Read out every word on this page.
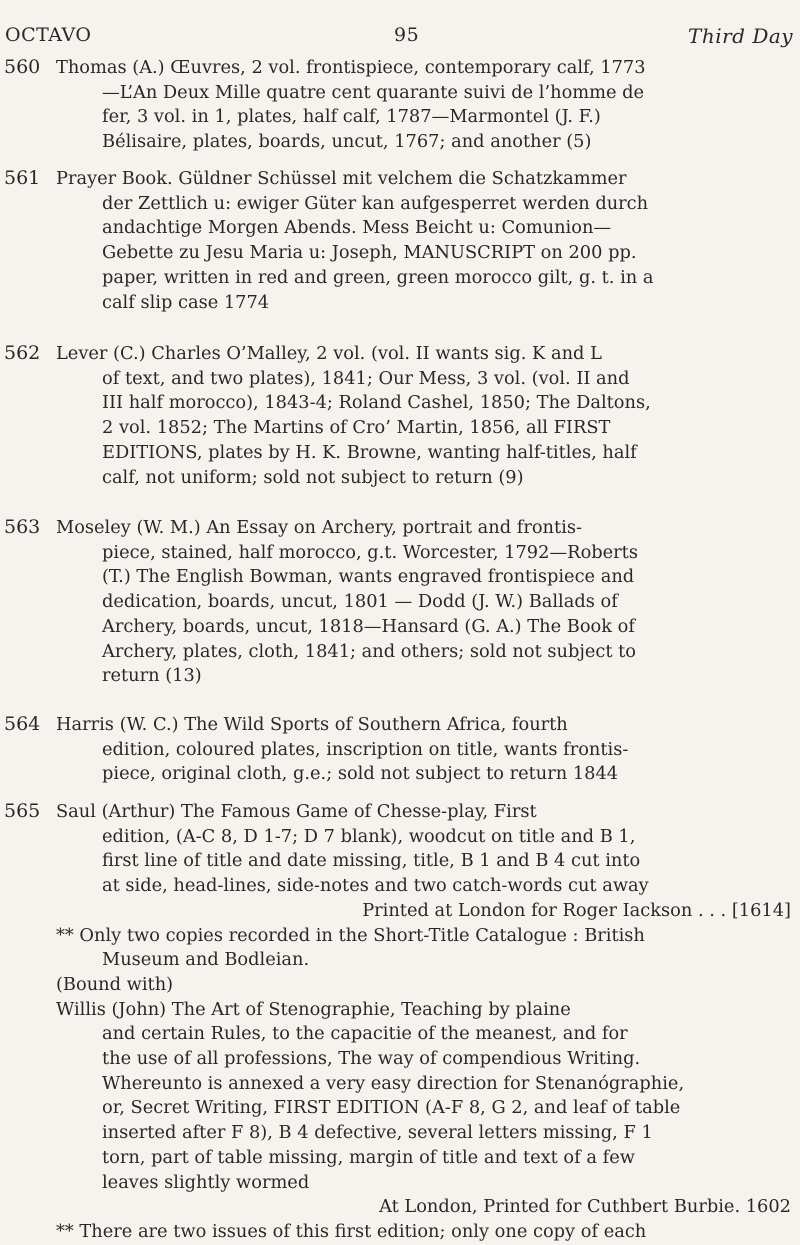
OCTAVO	95	Third Day
560 Thomas (A.) Œuvres, 2 vol. frontispiece, contemporary calf, 1773

—L’An Deux Mille quatre cent quarante suivi de l’homme de

fer, 3 vol. in 1, plates, half calf, 1787—Marmontel (J. F.)

Bélisaire, plates, boards, uncut, 1767; and another (5)

561 Prayer Book. Güldner Schüssel mit velchem die Schatzkammer

der Zettlich u: ewiger Güter kan aufgesperret werden durch

andachtige Morgen Abends. Mess Beicht u: Comunion—

Gebette zu Jesu Maria u: Joseph, MANUSCRIPT on 200 pp.

paper, written in red and green, green morocco gilt, g. t. in a

calf slip case 1774

562 Lever (C.) Charles O’Malley, 2 vol. (vol. II wants sig. K and L

of text, and two plates), 1841; Our Mess, 3 vol. (vol. II and

III half morocco), 1843-4; Roland Cashel, 1850; The Daltons,

2 vol. 1852; The Martins of Cro’ Martin, 1856, all FIRST

EDITIONS, plates by H. K. Browne, wanting half-titles, half

calf, not uniform; sold not subject to return (9)

563 Moseley (W. M.) An Essay on Archery, portrait and frontis-

piece, stained, half morocco, g.t. Worcester, 1792—Roberts

(T.) The English Bowman, wants engraved frontispiece and

dedication, boards, uncut, 1801 — Dodd (J. W.) Ballads of

Archery, boards, uncut, 1818—Hansard (G. A.) The Book of

Archery, plates, cloth, 1841; and others; sold not subject to

return (13)

564 Harris (W. C.) The Wild Sports of Southern Africa, fourth

edition, coloured plates, inscription on title, wants frontis-

piece, original cloth, g.e.; sold not subject to return 1844

565 Saul (Arthur) The Famous Game of Chesse-play, First

edition, (A-C 8, D 1-7; D 7 blank), woodcut on title and B 1,

first line of title and date missing, title, B 1 and B 4 cut into

at side, head-lines, side-notes and two catch-words cut away

Printed at London for Roger Iackson . . . [1614]

** Only two copies recorded in the Short-Title Catalogue : British

Museum and Bodleian.

(Bound with)

Willis (John) The Art of Stenographie, Teaching by plaine

and certain Rules, to the capacitie of the meanest, and for

the use of all professions, The way of compendious Writing.

Whereunto is annexed a very easy direction for Stenanógraphie,

or, Secret Writing, FIRST EDITION (A-F 8, G 2, and leaf of table

inserted after F 8), B 4 defective, several letters missing, F 1

torn, part of table missing, margin of title and text of a few

leaves slightly wormed

At London, Printed for Cuthbert Burbie. 1602

** There are two issues of this first edition; only one copy of each
